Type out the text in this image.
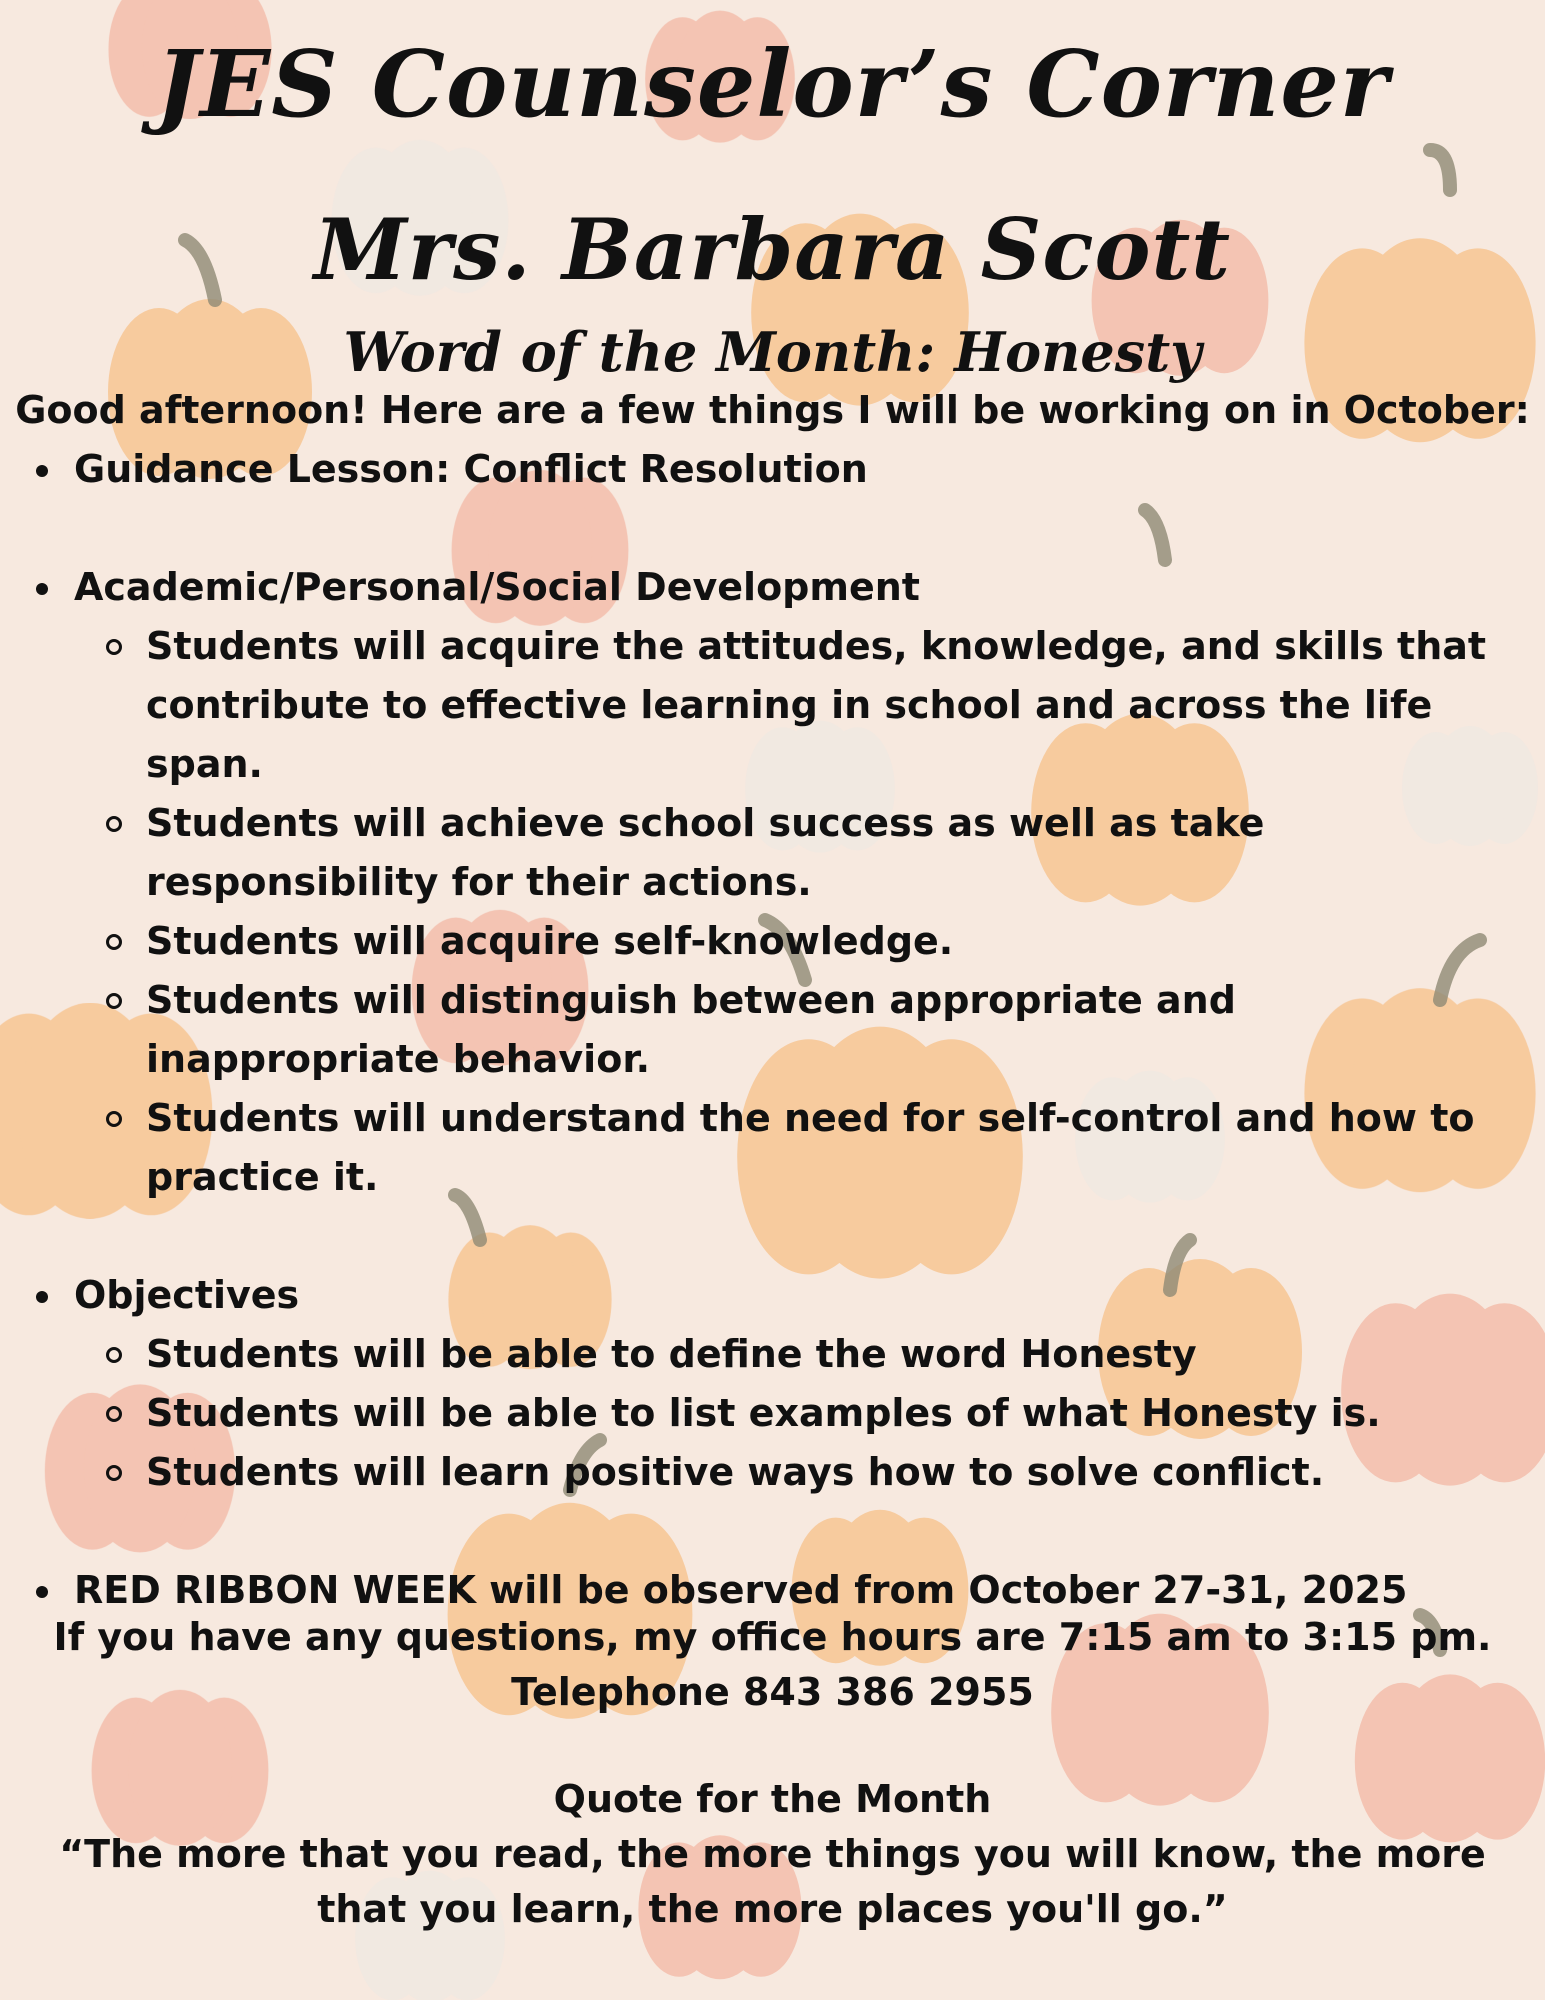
JES Counselor’s Corner
Mrs. Barbara Scott
Word of the Month: Honesty

Good afternoon! Here are a few things I will be working on in October:

Guidance Lesson: Conflict Resolution
Academic/Personal/Social Development
Students will acquire the attitudes, knowledge, and skills that contribute to effective learning in school and across the life span.
Students will achieve school success as well as take responsibility for their actions.
Students will acquire self-knowledge.
Students will distinguish between appropriate and inappropriate behavior.
Students will understand the need for self-control and how to practice it.
Objectives
Students will be able to define the word Honesty
Students will be able to list examples of what Honesty is.
Students will learn positive ways how to solve conflict.
RED RIBBON WEEK will be observed from October 27-31, 2025

If you have any questions, my office hours are 7:15 am to 3:15 pm.

Telephone 843 386 2955

Quote for the Month

“The more that you read, the more things you will know, the more that you learn, the more places you'll go.”
